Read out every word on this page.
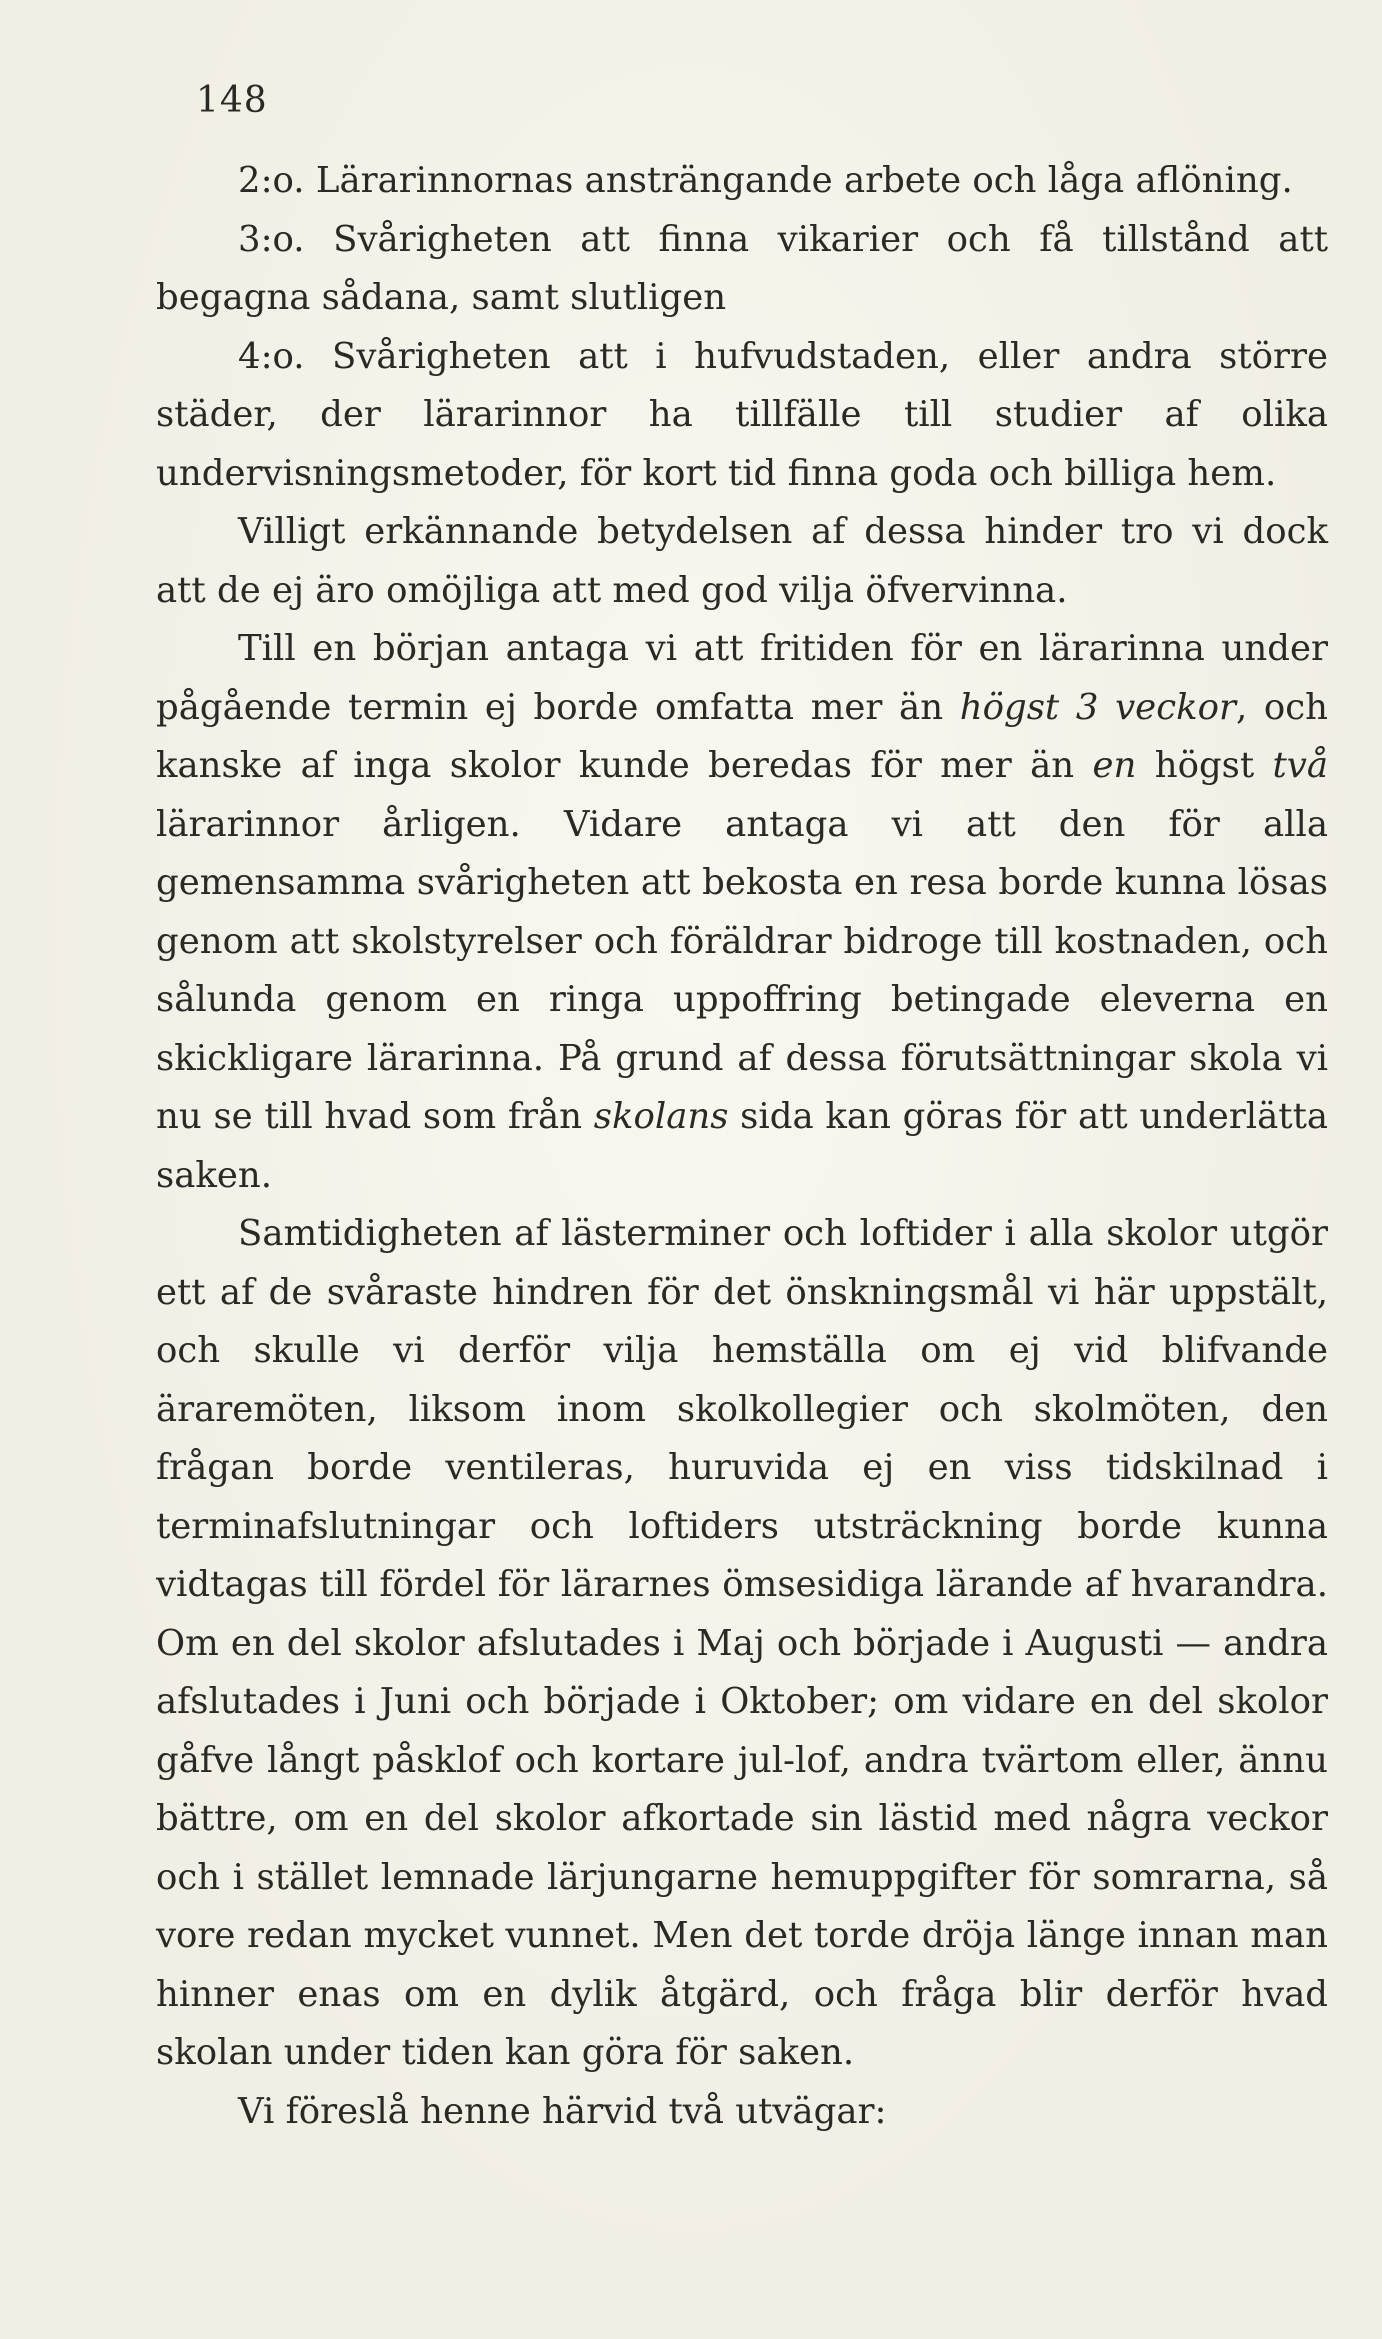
148

2:o. Lärarinnornas ansträngande arbete och låga aflöning.

3:o. Svårigheten att finna vikarier och få tillstånd att begagna sådana, samt slutligen

4:o. Svårigheten att i hufvudstaden, eller andra större städer, der lärarinnor ha tillfälle till studier af olika undervisningsmetoder, för kort tid finna goda och billiga hem.

Villigt erkännande betydelsen af dessa hinder tro vi dock att de ej äro omöjliga att med god vilja öfvervinna.

Till en början antaga vi att fritiden för en lärarinna under pågående termin ej borde omfatta mer än högst 3 veckor, och kanske af inga skolor kunde beredas för mer än en högst två lärarinnor årligen. Vidare antaga vi att den för alla gemensamma svårigheten att bekosta en resa borde kunna lösas genom att skolstyrelser och föräldrar bidroge till kostnaden, och sålunda genom en ringa uppoffring betingade eleverna en skickligare lärarinna. På grund af dessa förutsättningar skola vi nu se till hvad som från skolans sida kan göras för att underlätta saken.

Samtidigheten af lästerminer och loftider i alla skolor utgör ett af de svåraste hindren för det önskningsmål vi här uppstält, och skulle vi derför vilja hemställa om ej vid blifvande äraremöten, liksom inom skolkollegier och skolmöten, den frågan borde ventileras, huruvida ej en viss tidskilnad i terminafslutningar och loftiders utsträckning borde kunna vidtagas till fördel för lärarnes ömsesidiga lärande af hvarandra. Om en del skolor afslutades i Maj och började i Augusti — andra afslutades i Juni och började i Oktober; om vidare en del skolor gåfve långt påsklof och kortare jul-lof, andra tvärtom eller, ännu bättre, om en del skolor afkortade sin lästid med några veckor och i stället lemnade lärjungarne hemuppgifter för somrarna, så vore redan mycket vunnet. Men det torde dröja länge innan man hinner enas om en dylik åtgärd, och fråga blir derför hvad skolan under tiden kan göra för saken.

Vi föreslå henne härvid två utvägar:
